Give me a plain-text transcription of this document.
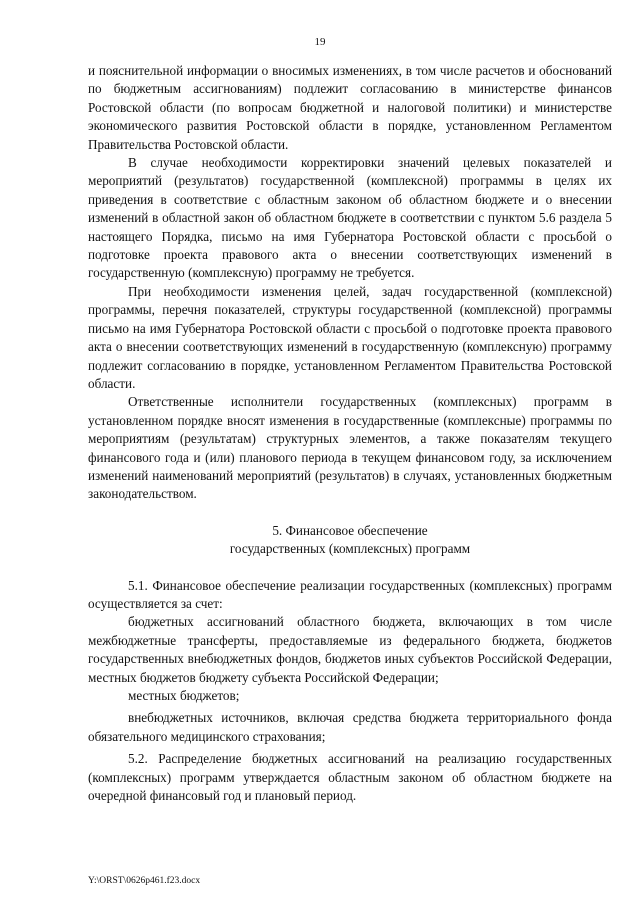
19

и пояснительной информации о вносимых изменениях, в том числе расчетов и обоснований по бюджетным ассигнованиям) подлежит согласованию в министерстве финансов Ростовской области (по вопросам бюджетной и налоговой политики) и министерстве экономического развития Ростовской области в порядке, установленном Регламентом Правительства Ростовской области.

В случае необходимости корректировки значений целевых показателей и мероприятий (результатов) государственной (комплексной) программы в целях их приведения в соответствие с областным законом об областном бюджете и о внесении изменений в областной закон об областном бюджете в соответствии с пунктом 5.6 раздела 5 настоящего Порядка, письмо на имя Губернатора Ростовской области с просьбой о подготовке проекта правового акта о внесении соответствующих изменений в государственную (комплексную) программу не требуется.

При необходимости изменения целей, задач государственной (комплексной) программы, перечня показателей, структуры государственной (комплексной) программы письмо на имя Губернатора Ростовской области с просьбой о подготовке проекта правового акта о внесении соответствующих изменений в государственную (комплексную) программу подлежит согласованию в порядке, установленном Регламентом Правительства Ростовской области.

Ответственные исполнители государственных (комплексных) программ в установленном порядке вносят изменения в государственные (комплексные) программы по мероприятиям (результатам) структурных элементов, а также показателям текущего финансового года и (или) планового периода в текущем финансовом году, за исключением изменений наименований мероприятий (результатов) в случаях, установленных бюджетным законодательством.

5. Финансовое обеспечение
государственных (комплексных) программ

5.1. Финансовое обеспечение реализации государственных (комплексных) программ осуществляется за счет:

бюджетных ассигнований областного бюджета, включающих в том числе межбюджетные трансферты, предоставляемые из федерального бюджета, бюджетов государственных внебюджетных фондов, бюджетов иных субъектов Российской Федерации, местных бюджетов бюджету субъекта Российской Федерации;

местных бюджетов;

внебюджетных источников, включая средства бюджета территориального фонда обязательного медицинского страхования;

5.2. Распределение бюджетных ассигнований на реализацию государственных (комплексных) программ утверждается областным законом об областном бюджете на очередной финансовый год и плановый период.

Y:\ORST\0626p461.f23.docx
